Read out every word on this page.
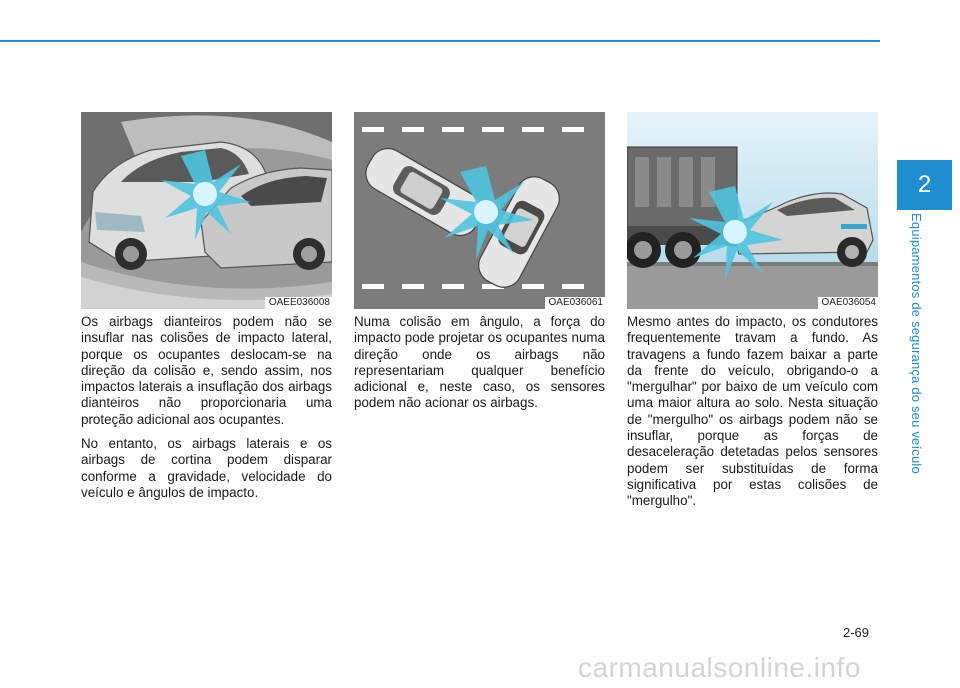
2
Equipamentos de segurança do seu veículo
OAEE036008	OAE036061	OAE036054

Os airbags dianteiros podem não se insuflar nas colisões de impacto lateral, porque os ocupantes deslocam-se na direção da colisão e, sendo assim, nos impactos laterais a insuflação dos airbags dianteiros não proporcionaria uma proteção adicional aos ocupantes.

No entanto, os airbags laterais e os airbags de cortina podem disparar conforme a gravidade, velocidade do veículo e ângulos de impacto.

Numa colisão em ângulo, a força do impacto pode projetar os ocupantes numa direção onde os airbags não representariam qualquer benefício adicional e, neste caso, os sensores podem não acionar os airbags.

Mesmo antes do impacto, os condutores frequentemente travam a fundo. As travagens a fundo fazem baixar a parte da frente do veículo, obrigando-o a "mergulhar" por baixo de um veículo com uma maior altura ao solo. Nesta situação de "mergulho" os airbags podem não se insuflar, porque as forças de desaceleração detetadas pelos sensores podem ser substituídas de forma significativa por estas colisões de "mergulho".

2-69
carmanualsonline.info
